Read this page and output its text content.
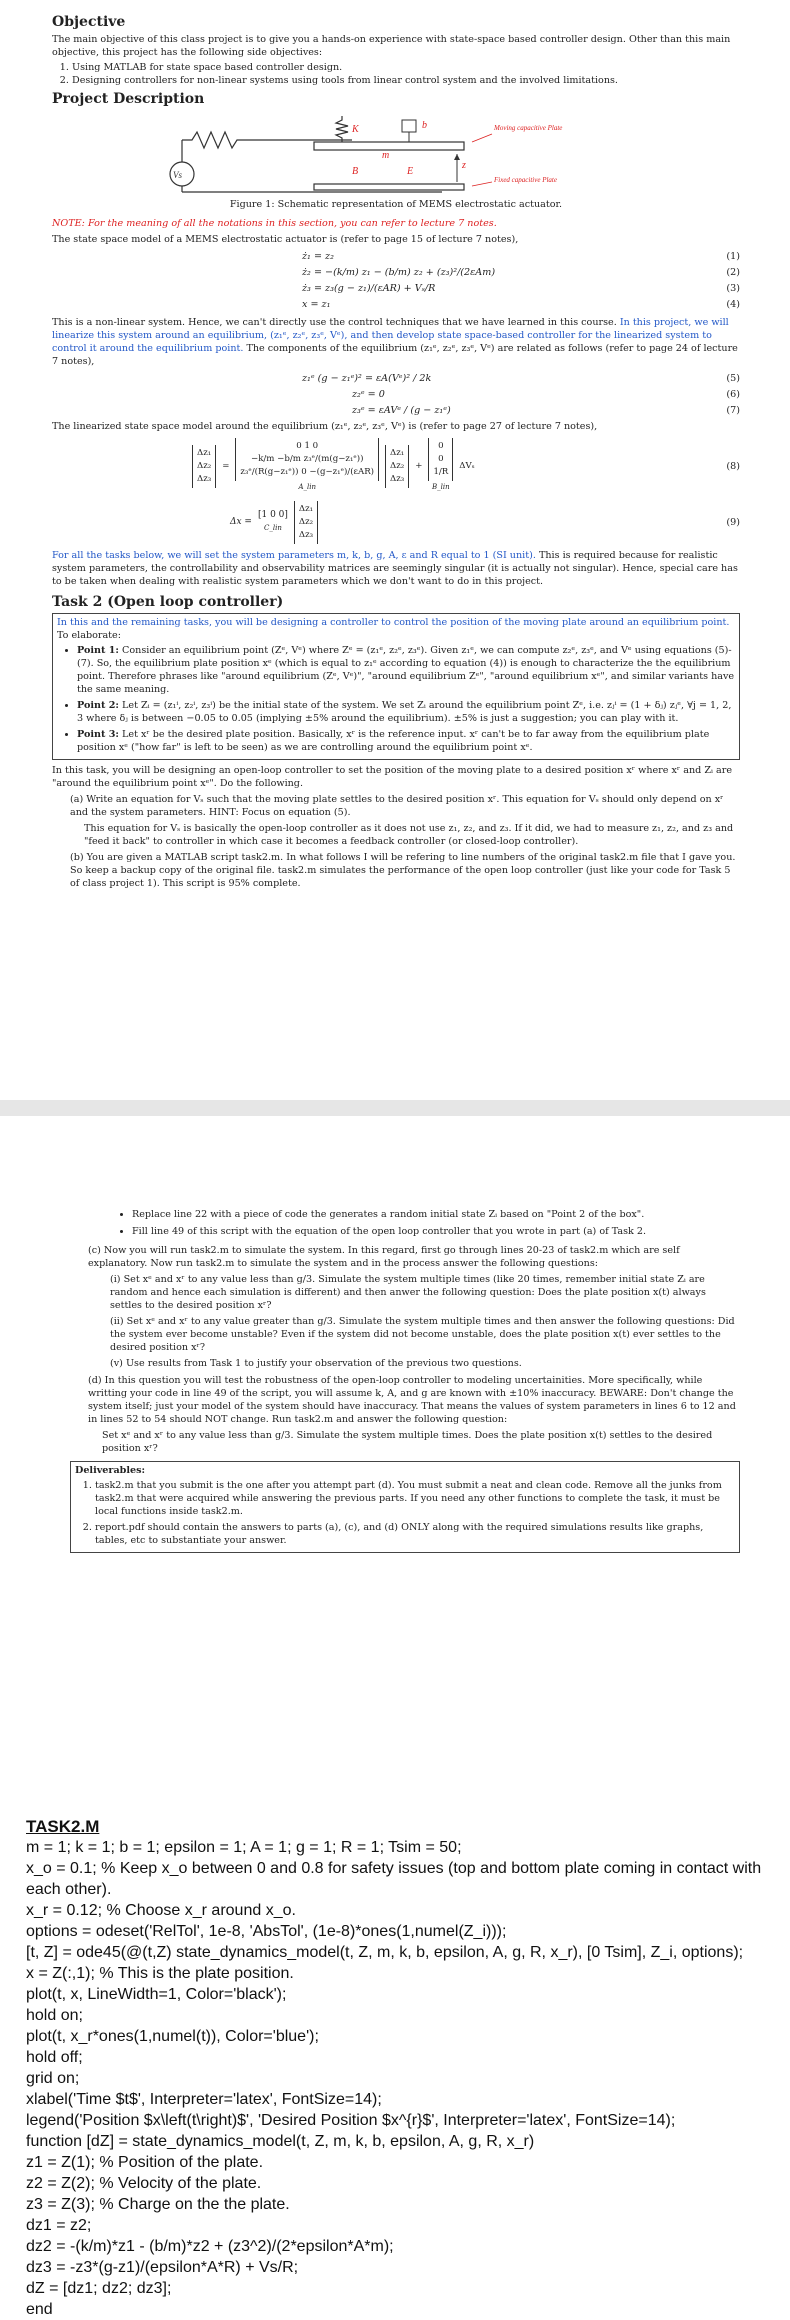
Objective

The main objective of this class project is to give you a hands-on experience with state-space based controller design. Other than this main objective, this project has the following side objectives:

1. Using MATLAB for state space based controller design.
2. Designing controllers for non-linear systems using tools from linear control system and the involved limitations.
Project Description
K
m
b
B	E
z
Vs
Moving capacitive Plate
Fixed capacitive Plate

Figure 1: Schematic representation of MEMS electrostatic actuator.

NOTE: For the meaning of all the notations in this section, you can refer to lecture 7 notes.

The state space model of a MEMS electrostatic actuator is (refer to page 15 of lecture 7 notes),

ż₁ = z₂	(1)
ż₂ = −(k/m) z₁ − (b/m) z₂ + (z₃)²/(2εAm)	(2)
ż₃ = z₃(g − z₁)/(εAR) + Vₛ/R	(3)
x = z₁	(4)

This is a non-linear system. Hence, we can't directly use the control techniques that we have learned in this course. In this project, we will linearize this system around an equilibrium, (z₁ᵉ, z₂ᵉ, z₃ᵉ, Vᵉ), and then develop state space-based controller for the linearized system to control it around the equilibrium point. The components of the equilibrium (z₁ᵉ, z₂ᵉ, z₃ᵉ, Vᵉ) are related as follows (refer to page 24 of lecture 7 notes),

z₁ᵉ (g − z₁ᵉ)² = εA(Vᵉ)² / 2k	(5)
z₂ᵉ = 0	(6)
z₃ᵉ = εAVᵉ / (g − z₁ᵉ)	(7)

The linearized state space model around the equilibrium (z₁ᵉ, z₂ᵉ, z₃ᵉ, Vᵉ) is (refer to page 27 of lecture 7 notes),

Δz₁
Δz₂
Δz₃
=
0 1 0
−k/m −b/m z₃ᵉ/(m(g−z₁ᵉ))
z₃ᵉ/(R(g−z₁ᵉ)) 0 −(g−z₁ᵉ)/(εAR)
A_lin
Δz₁
Δz₂
Δz₃
+
0
0
1/R
B_lin
ΔVₛ	(8)
Δx =
[1 0 0]
C_lin
Δz₁
Δz₂
Δz₃
(9)

For all the tasks below, we will set the system parameters m, k, b, g, A, ε and R equal to 1 (SI unit). This is required because for realistic system parameters, the controllability and observability matrices are seemingly singular (it is actually not singular). Hence, special care has to be taken when dealing with realistic system parameters which we don't want to do in this project.

Task 2 (Open loop controller)

In this and the remaining tasks, you will be designing a controller to control the position of the moving plate around an equilibrium point. To elaborate:

• Point 1: Consider an equilibrium point (Zᵉ, Vᵉ) where Zᵉ = (z₁ᵉ, z₂ᵉ, z₃ᵉ). Given z₁ᵉ, we can compute z₂ᵉ, z₃ᵉ, and Vᵉ using equations (5)-(7). So, the equilibrium plate position xᵉ (which is equal to z₁ᵉ according to equation (4)) is enough to characterize the the equilibrium point. Therefore phrases like "around equilibrium (Zᵉ, Vᵉ)", "around equilibrium Zᵉ", "around equilibrium xᵉ", and similar variants have the same meaning.
• Point 2: Let Zᵢ = (z₁ⁱ, z₂ⁱ, z₃ⁱ) be the initial state of the system. We set Zᵢ around the equilibrium point Zᵉ, i.e. zⱼⁱ = (1 + δⱼ) zⱼᵉ, ∀j = 1, 2, 3 where δⱼ is between −0.05 to 0.05 (implying ±5% around the equilibrium). ±5% is just a suggestion; you can play with it.
• Point 3: Let xʳ be the desired plate position. Basically, xʳ is the reference input. xʳ can't be to far away from the equilibrium plate position xᵉ ("how far" is left to be seen) as we are controlling around the equilibrium point xᵉ.

In this task, you will be designing an open-loop controller to set the position of the moving plate to a desired position xʳ where xʳ and Zᵢ are "around the equilibrium point xᵉ". Do the following.

(a) Write an equation for Vₛ such that the moving plate settles to the desired position xʳ. This equation for Vₛ should only depend on xʳ and the system parameters. HINT: Focus on equation (5).

This equation for Vₛ is basically the open-loop controller as it does not use z₁, z₂, and z₃. If it did, we had to measure z₁, z₂, and z₃ and "feed it back" to controller in which case it becomes a feedback controller (or closed-loop controller).

(b) You are given a MATLAB script task2.m. In what follows I will be refering to line numbers of the original task2.m file that I gave you. So keep a backup copy of the original file. task2.m simulates the performance of the open loop controller (just like your code for Task 5 of class project 1). This script is 95% complete.

• Replace line 22 with a piece of code the generates a random initial state Zᵢ based on "Point 2 of the box".
• Fill line 49 of this script with the equation of the open loop controller that you wrote in part (a) of Task 2.

(c) Now you will run task2.m to simulate the system. In this regard, first go through lines 20-23 of task2.m which are self explanatory. Now run task2.m to simulate the system and in the process answer the following questions:

(i) Set xᵉ and xʳ to any value less than g/3. Simulate the system multiple times (like 20 times, remember initial state Zᵢ are random and hence each simulation is different) and then anwer the following question: Does the plate position x(t) always settles to the desired position xʳ?

(ii) Set xᵉ and xʳ to any value greater than g/3. Simulate the system multiple times and then answer the following questions: Did the system ever become unstable? Even if the system did not become unstable, does the plate position x(t) ever settles to the desired position xʳ?

(v) Use results from Task 1 to justify your observation of the previous two questions.

(d) In this question you will test the robustness of the open-loop controller to modeling uncertainities. More specifically, while writting your code in line 49 of the script, you will assume k, A, and g are known with ±10% inaccuracy. BEWARE: Don't change the system itself; just your model of the system should have inaccuracy. That means the values of system parameters in lines 6 to 12 and in lines 52 to 54 should NOT change. Run task2.m and answer the following question:

Set xᵉ and xʳ to any value less than g/3. Simulate the system multiple times. Does the plate position x(t) settles to the desired position xʳ?

Deliverables:
1. task2.m that you submit is the one after you attempt part (d). You must submit a neat and clean code. Remove all the junks from task2.m that were acquired while answering the previous parts. If you need any other functions to complete the task, it must be local functions inside task2.m.
2. report.pdf should contain the answers to parts (a), (c), and (d) ONLY along with the required simulations results like graphs, tables, etc to substantiate your answer.
TASK2.M
m = 1; k = 1; b = 1; epsilon = 1; A = 1; g = 1; R = 1; Tsim = 50;
x_o = 0.1; % Keep x_o between 0 and 0.8 for safety issues (top and bottom plate coming in contact with each other).
x_r = 0.12; % Choose x_r around x_o.
options = odeset('RelTol', 1e-8, 'AbsTol', (1e-8)*ones(1,numel(Z_i)));
[t, Z] = ode45(@(t,Z) state_dynamics_model(t, Z, m, k, b, epsilon, A, g, R, x_r), [0 Tsim], Z_i, options);
x = Z(:,1); % This is the plate position.
plot(t, x, LineWidth=1, Color='black');
hold on;
plot(t, x_r*ones(1,numel(t)), Color='blue');
hold off;
grid on;
xlabel('Time $t$', Interpreter='latex', FontSize=14);
legend('Position $x\left(t\right)$', 'Desired Position $x^{r}$', Interpreter='latex', FontSize=14);
function [dZ] = state_dynamics_model(t, Z, m, k, b, epsilon, A, g, R, x_r)
z1 = Z(1); % Position of the plate.
z2 = Z(2); % Velocity of the plate.
z3 = Z(3); % Charge on the the plate.
dz1 = z2;
dz2 = -(k/m)*z1 - (b/m)*z2 + (z3^2)/(2*epsilon*A*m);
dz3 = -z3*(g-z1)/(epsilon*A*R) + Vs/R;
dZ = [dz1; dz2; dz3];
end
